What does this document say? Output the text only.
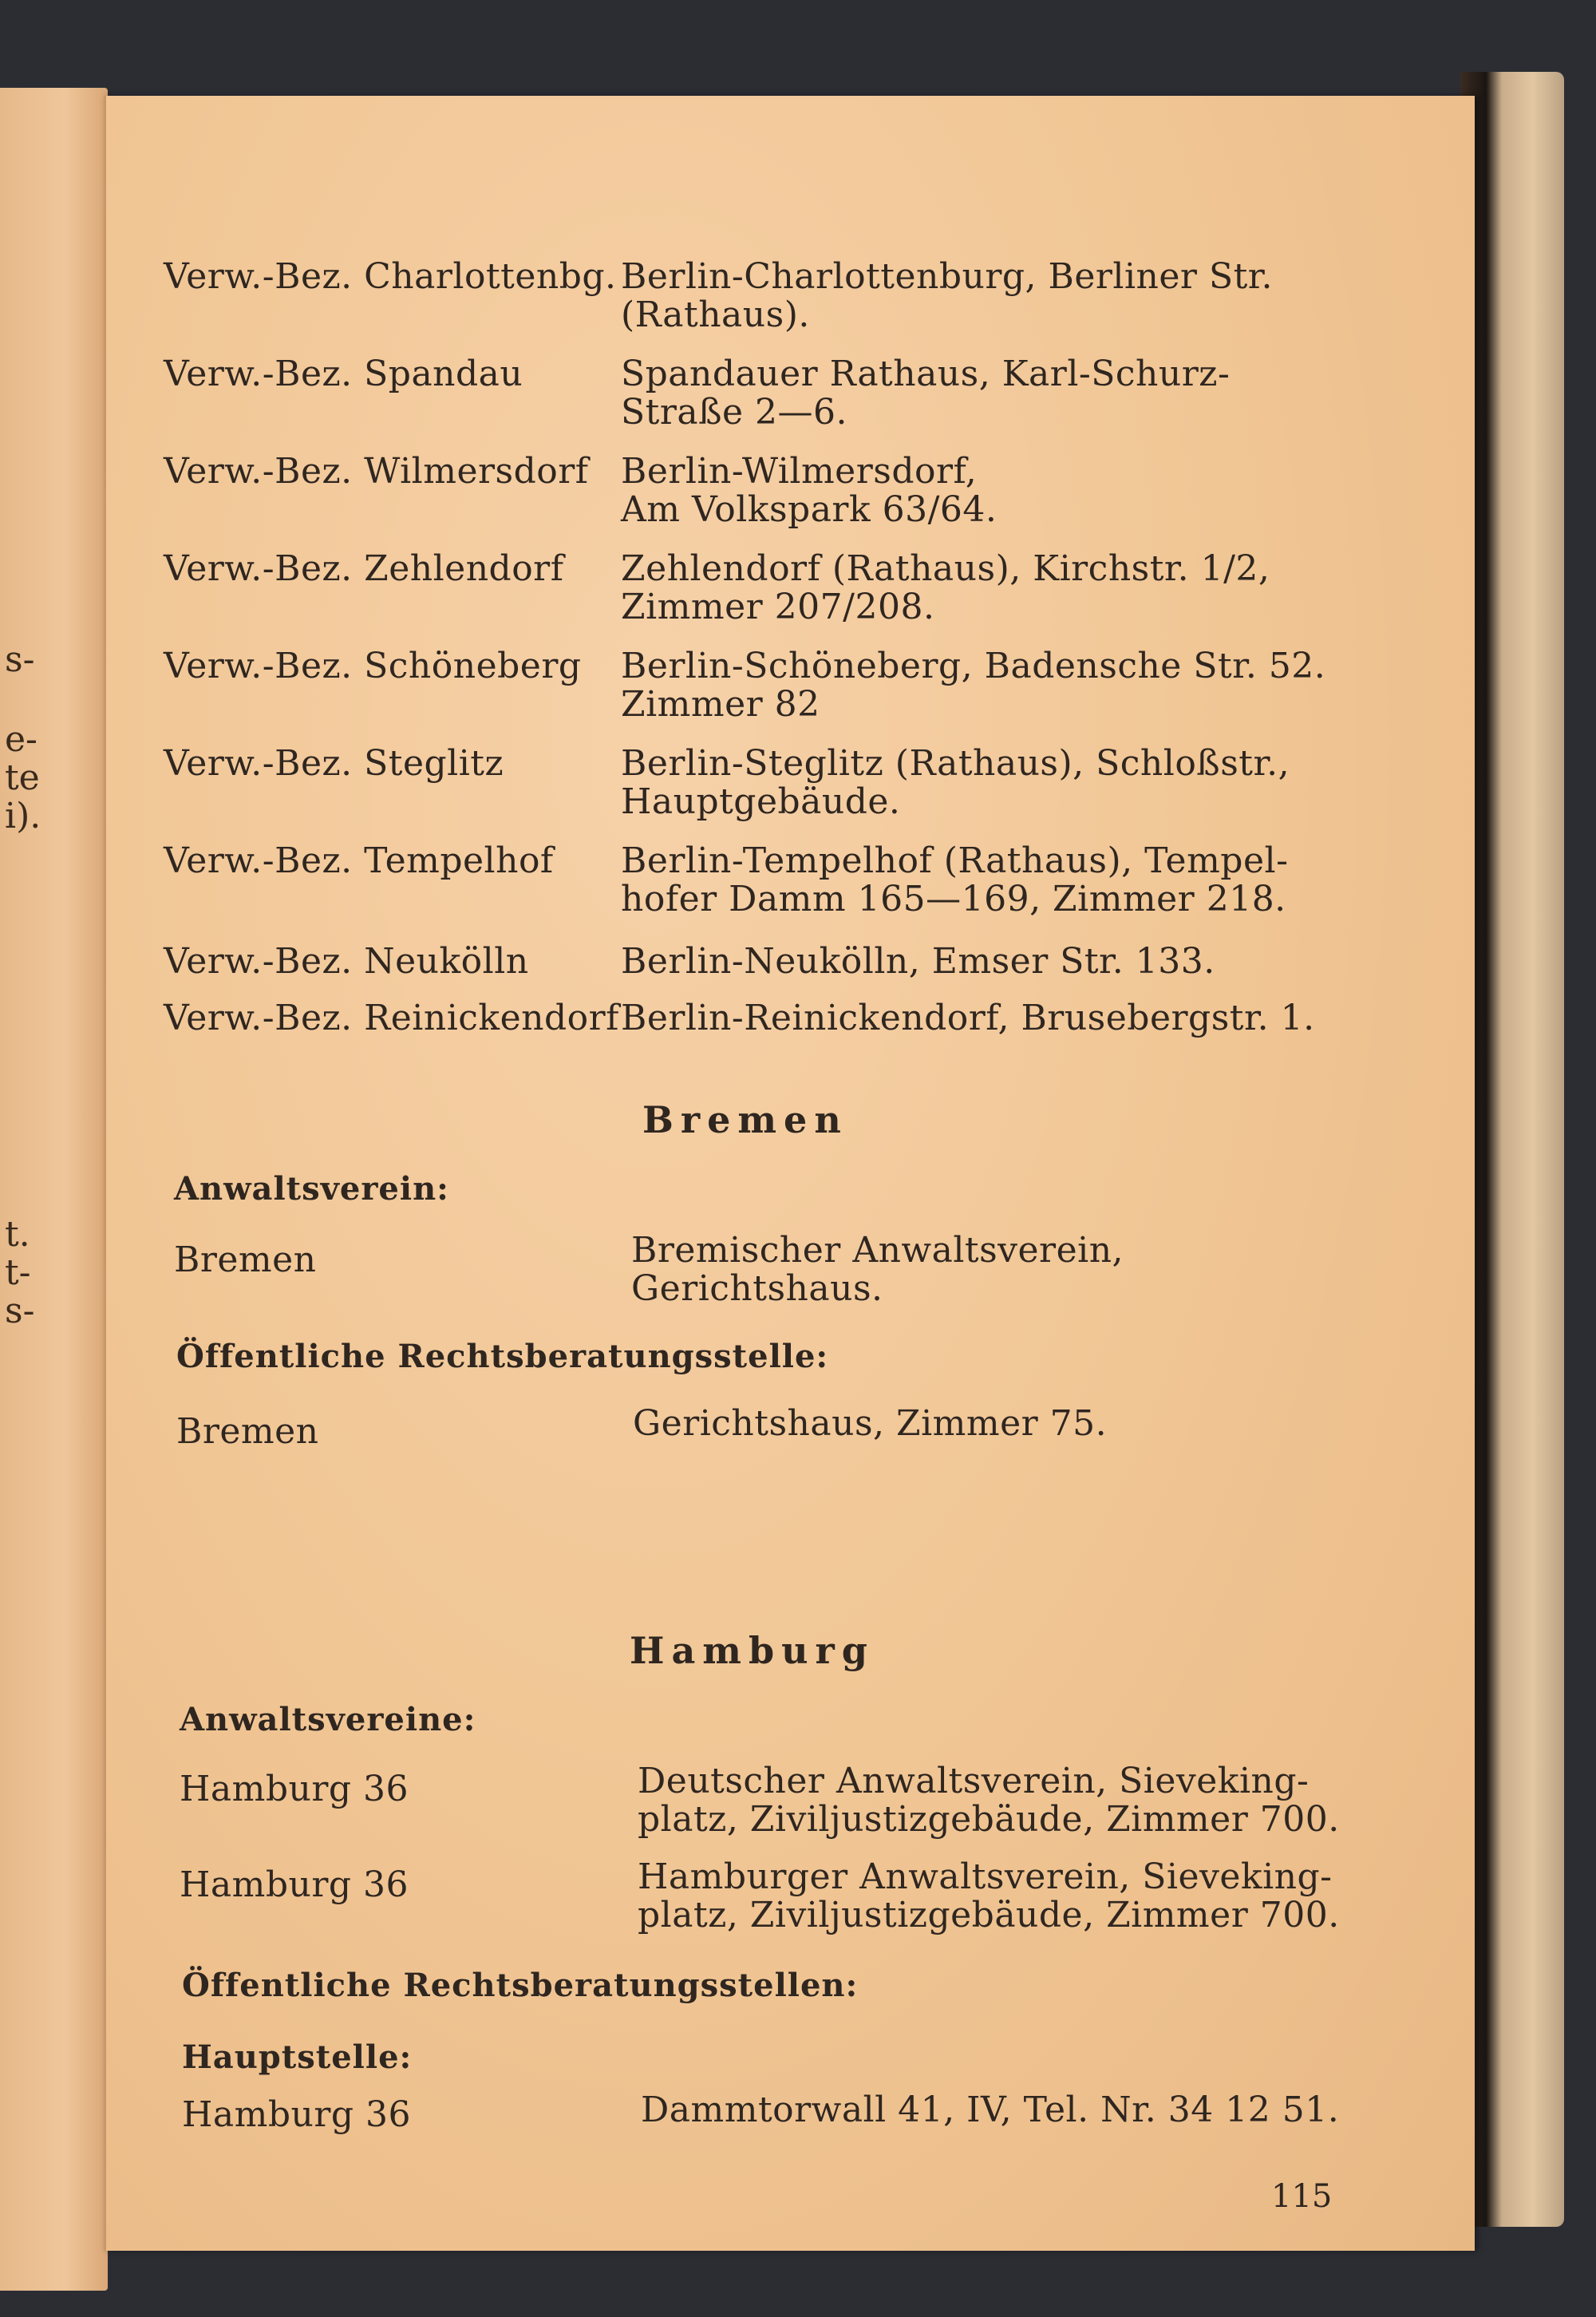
s-
e-
te
i).
t.
t-
s-
Verw.-Bez. Charlottenbg. Berlin-Charlottenburg, Berliner Str.
(Rathaus).
Verw.-Bez. Spandau	Spandauer Rathaus, Karl-Schurz-
Straße 2—6.
Verw.-Bez. Wilmersdorf Berlin-Wilmersdorf,
Am Volkspark 63/64.
Verw.-Bez. Zehlendorf Zehlendorf (Rathaus), Kirchstr. 1/2,
Zimmer 207/208.
Verw.-Bez. Schöneberg Berlin-Schöneberg, Badensche Str. 52.
Zimmer 82
Verw.-Bez. Steglitz	Berlin-Steglitz (Rathaus), Schloßstr.,
Hauptgebäude.
Verw.-Bez. Tempelhof Berlin-Tempelhof (Rathaus), Tempel-
hofer Damm 165—169, Zimmer 218.
Verw.-Bez. Neukölln	Berlin-Neukölln, Emser Str. 133.
Verw.-Bez. Reinickendorf Berlin-Reinickendorf, Brusebergstr. 1.
Bremen
Anwaltsverein:
Bremen	Bremischer Anwaltsverein,
Gerichtshaus.
Öffentliche Rechtsberatungsstelle:
Bremen	Gerichtshaus, Zimmer 75.
Hamburg
Anwaltsvereine:
Hamburg 36	Deutscher Anwaltsverein, Sieveking-
platz, Ziviljustizgebäude, Zimmer 700.
Hamburg 36	Hamburger Anwaltsverein, Sieveking-
platz, Ziviljustizgebäude, Zimmer 700.
Öffentliche Rechtsberatungsstellen:
Hauptstelle:
Hamburg 36	Dammtorwall 41, IV, Tel. Nr. 34 12 51.
115
